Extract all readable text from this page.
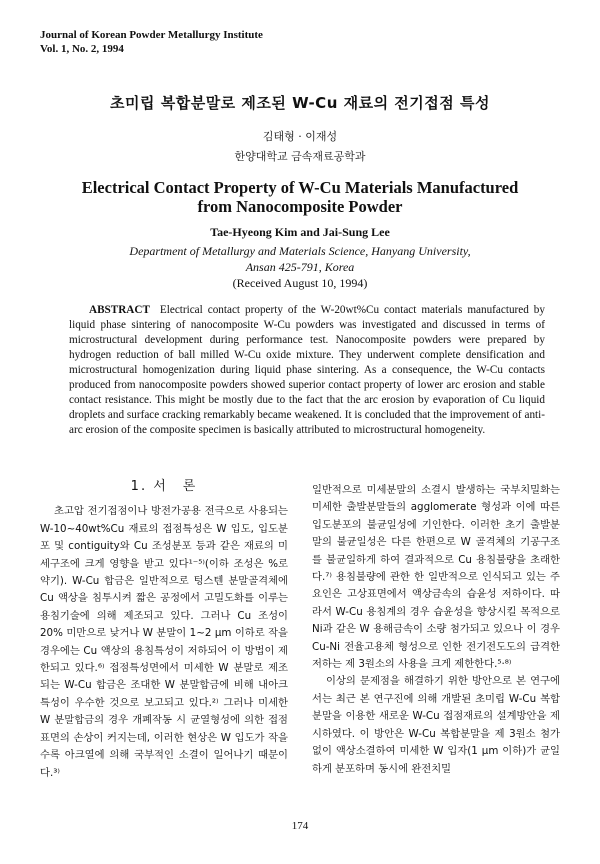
Journal of Korean Powder Metallurgy Institute
Vol. 1, No. 2, 1994
초미립 복합분말로 제조된 W-Cu 재료의 전기접점 특성
김태형 · 이재성
한양대학교 금속재료공학과
Electrical Contact Property of W-Cu Materials Manufactured
from Nanocomposite Powder
Tae-Hyeong Kim and Jai-Sung Lee
Department of Metallurgy and Materials Science, Hanyang University,
Ansan 425-791, Korea
(Received August 10, 1994)
ABSTRACT Electrical contact property of the W-20wt%Cu contact materials manufactured by liquid phase sintering of nanocomposite W-Cu powders was investigated and discussed in terms of microstructural development during performance test. Nanocomposite powders were prepared by hydrogen reduction of ball milled W-Cu oxide mixture. They underwent complete densification and microstructural homogenization during liquid phase sintering. As a consequence, the W-Cu contacts produced from nanocomposite powders showed superior contact property of lower arc erosion and stable contact resistance. This might be mostly due to the fact that the arc erosion by evaporation of Cu liquid droplets and surface cracking remarkably became weakened. It is concluded that the improvement of anti-arc erosion of the composite specimen is basically attributed to microstructural homogeneity.
1. 서　론

초고압 전기접점이나 방전가공용 전극으로 사용되는 W-10~40wt%Cu 재료의 접점특성은 W 입도, 입도분포 및 contiguity와 Cu 조성분포 등과 같은 재료의 미세구조에 크게 영향을 받고 있다¹⁻⁵⁾(이하 조성은 %로 약기). W-Cu 합금은 일반적으로 텅스텐 분말골격체에 Cu 액상을 침투시켜 짧은 공정에서 고밀도화를 이루는 용침기술에 의해 제조되고 있다. 그러나 Cu 조성이 20% 미만으로 낮거나 W 분말이 1~2 μm 이하로 작을 경우에는 Cu 액상의 용침특성이 저하되어 이 방법이 제한되고 있다.⁶⁾ 접점특성면에서 미세한 W 분말로 제조되는 W-Cu 합금은 조대한 W 분말합금에 비해 내아크 특성이 우수한 것으로 보고되고 있다.²⁾ 그러나 미세한 W 분말합금의 경우 개폐작동 시 균열형성에 의한 접점표면의 손상이 커지는데, 이러한 현상은 W 입도가 작을수록 아크열에 의해 국부적인 소결이 일어나기 때문이다.³⁾

일반적으로 미세분말의 소결시 발생하는 국부치밀화는 미세한 출발분말들의 agglomerate 형성과 이에 따른 입도분포의 불균일성에 기인한다. 이러한 초기 출발분말의 불균일성은 다른 한편으로 W 골격체의 기공구조를 불균일하게 하여 결과적으로 Cu 용침불량을 초래한다.⁷⁾ 용침불량에 관한 한 일반적으로 인식되고 있는 주요인은 고상표면에서 액상금속의 습윤성 저하이다. 따라서 W-Cu 용침계의 경우 습윤성을 향상시킬 목적으로 Ni과 같은 W 용해금속이 소량 첨가되고 있으나 이 경우 Cu-Ni 전율고용체 형성으로 인한 전기전도도의 급격한 저하는 제 3원소의 사용을 크게 제한한다.⁵·⁸⁾

이상의 문제점을 해결하기 위한 방안으로 본 연구에서는 최근 본 연구진에 의해 개발된 초미립 W-Cu 복합분말을 이용한 새로운 W-Cu 접점재료의 설계방안을 제시하였다. 이 방안은 W-Cu 복합분말을 제 3원소 첨가없이 액상소결하여 미세한 W 입자(1 μm 이하)가 균일하게 분포하며 동시에 완전치밀

174
